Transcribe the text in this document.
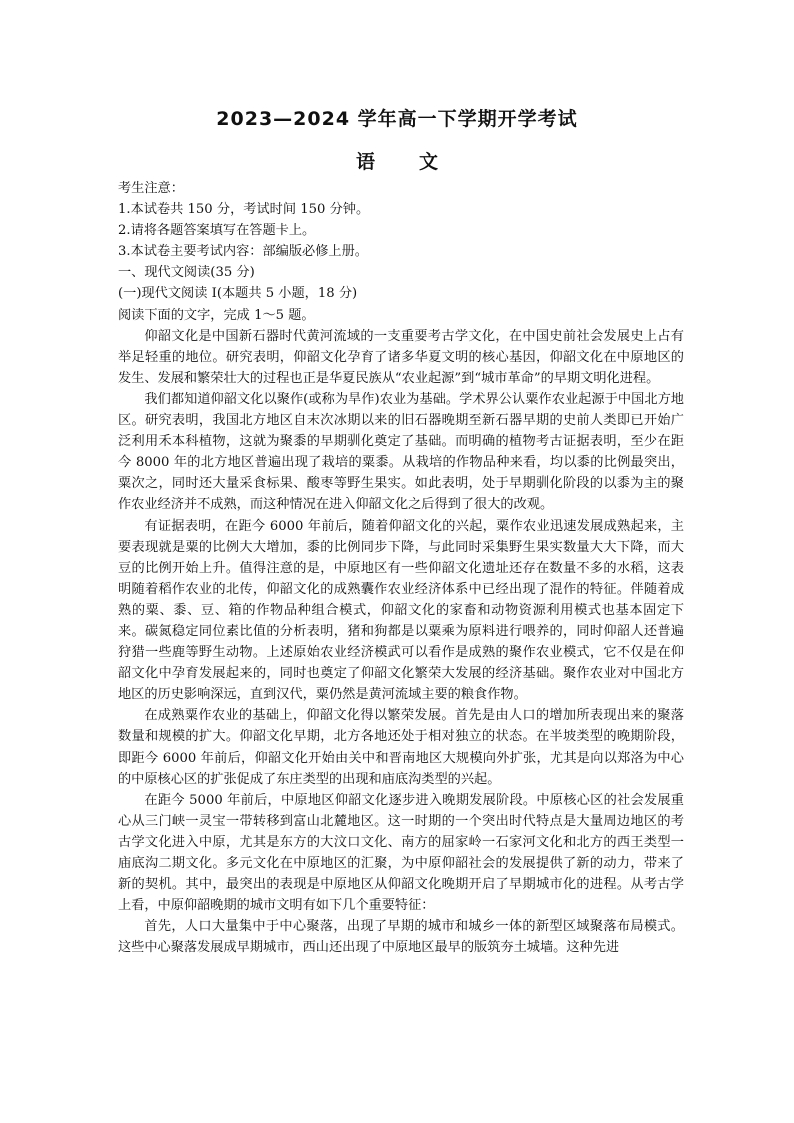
2023—2024 学年高一下学期开学考试
语文

考生注意：

1.本试卷共 150 分，考试时间 150 分钟。

2.请将各题答案填写在答题卡上。

3.本试卷主要考试内容：部编版必修上册。

一、现代文阅读(35 分)

(一)现代文阅读 I(本题共 5 小题，18 分)

阅读下面的文字，完成 1～5 题。

仰韶文化是中国新石器时代黄河流域的一支重要考古学文化，在中国史前社会发展史上占有举足轻重的地位。研究表明，仰韶文化孕育了诸多华夏文明的核心基因，仰韶文化在中原地区的发生、发展和繁荣壮大的过程也正是华夏民族从“农业起源”到“城市革命”的早期文明化进程。

我们都知道仰韶文化以聚作(或称为旱作)农业为基础。学术界公认粟作农业起源于中国北方地区。研究表明，我国北方地区自末次冰期以来的旧石器晚期至新石器早期的史前人类即已开始广泛利用禾本科植物，这就为聚黍的早期驯化奠定了基础。而明确的植物考古证据表明，至少在距今 8000 年的北方地区普遍出现了栽培的粟黍。从栽培的作物品种来看，均以黍的比例最突出，粟次之，同时还大量采食标果、酸枣等野生果实。如此表明，处于早期驯化阶段的以黍为主的聚作农业经济并不成熟，而这种情况在进入仰韶文化之后得到了很大的改观。

有证据表明，在距今 6000 年前后，随着仰韶文化的兴起，粟作农业迅速发展成熟起来，主要表现就是粟的比例大大增加，黍的比例同步下降，与此同时采集野生果实数量大大下降，而大豆的比例开始上升。值得注意的是，中原地区有一些仰韶文化遗址还存在数量不多的水稻，这表明随着稻作农业的北传，仰韶文化的成熟囊作农业经济体系中已经出现了混作的特征。伴随着成熟的粟、黍、豆、箱的作物品种组合模式，仰韶文化的家畜和动物资源利用模式也基本固定下来。碳氮稳定同位素比值的分析表明，猪和狗都是以粟乘为原料进行喂养的，同时仰韶人还普遍狩猎一些鹿等野生动物。上述原始农业经济模武可以看作是成熟的聚作农业模式，它不仅是在仰韶文化中孕育发展起来的，同时也奠定了仰韶文化繁荣大发展的经济基础。聚作农业对中国北方地区的历史影响深远，直到汉代，粟仍然是黄河流域主要的粮食作物。

在成熟粟作农业的基础上，仰韶文化得以繁荣发展。首先是由人口的增加所表现出来的聚落数量和规模的扩大。仰韶文化早期，北方各地还处于相对独立的状态。在半坡类型的晚期阶段，即距今 6000 年前后，仰韶文化开始由关中和晋南地区大规模向外扩张，尤其是向以郑洛为中心的中原核心区的扩张促成了东庄类型的出现和庙底沟类型的兴起。

在距今 5000 年前后，中原地区仰韶文化逐步进入晚期发展阶段。中原核心区的社会发展重心从三门峡一灵宝一带转移到富山北麓地区。这一时期的一个突出时代特点是大量周边地区的考古学文化进入中原，尤其是东方的大汶口文化、南方的屈家岭一石家河文化和北方的西王类型一庙底沟二期文化。多元文化在中原地区的汇聚，为中原仰韶社会的发展提供了新的动力，带来了新的契机。其中，最突出的表现是中原地区从仰韶文化晚期开启了早期城市化的进程。从考古学上看，中原仰韶晚期的城市文明有如下几个重要特征：

首先，人口大量集中于中心聚落，出现了早期的城市和城乡一体的新型区域聚落布局模式。这些中心聚落发展成早期城市，西山还出现了中原地区最早的版筑夯土城墙。这种先进
